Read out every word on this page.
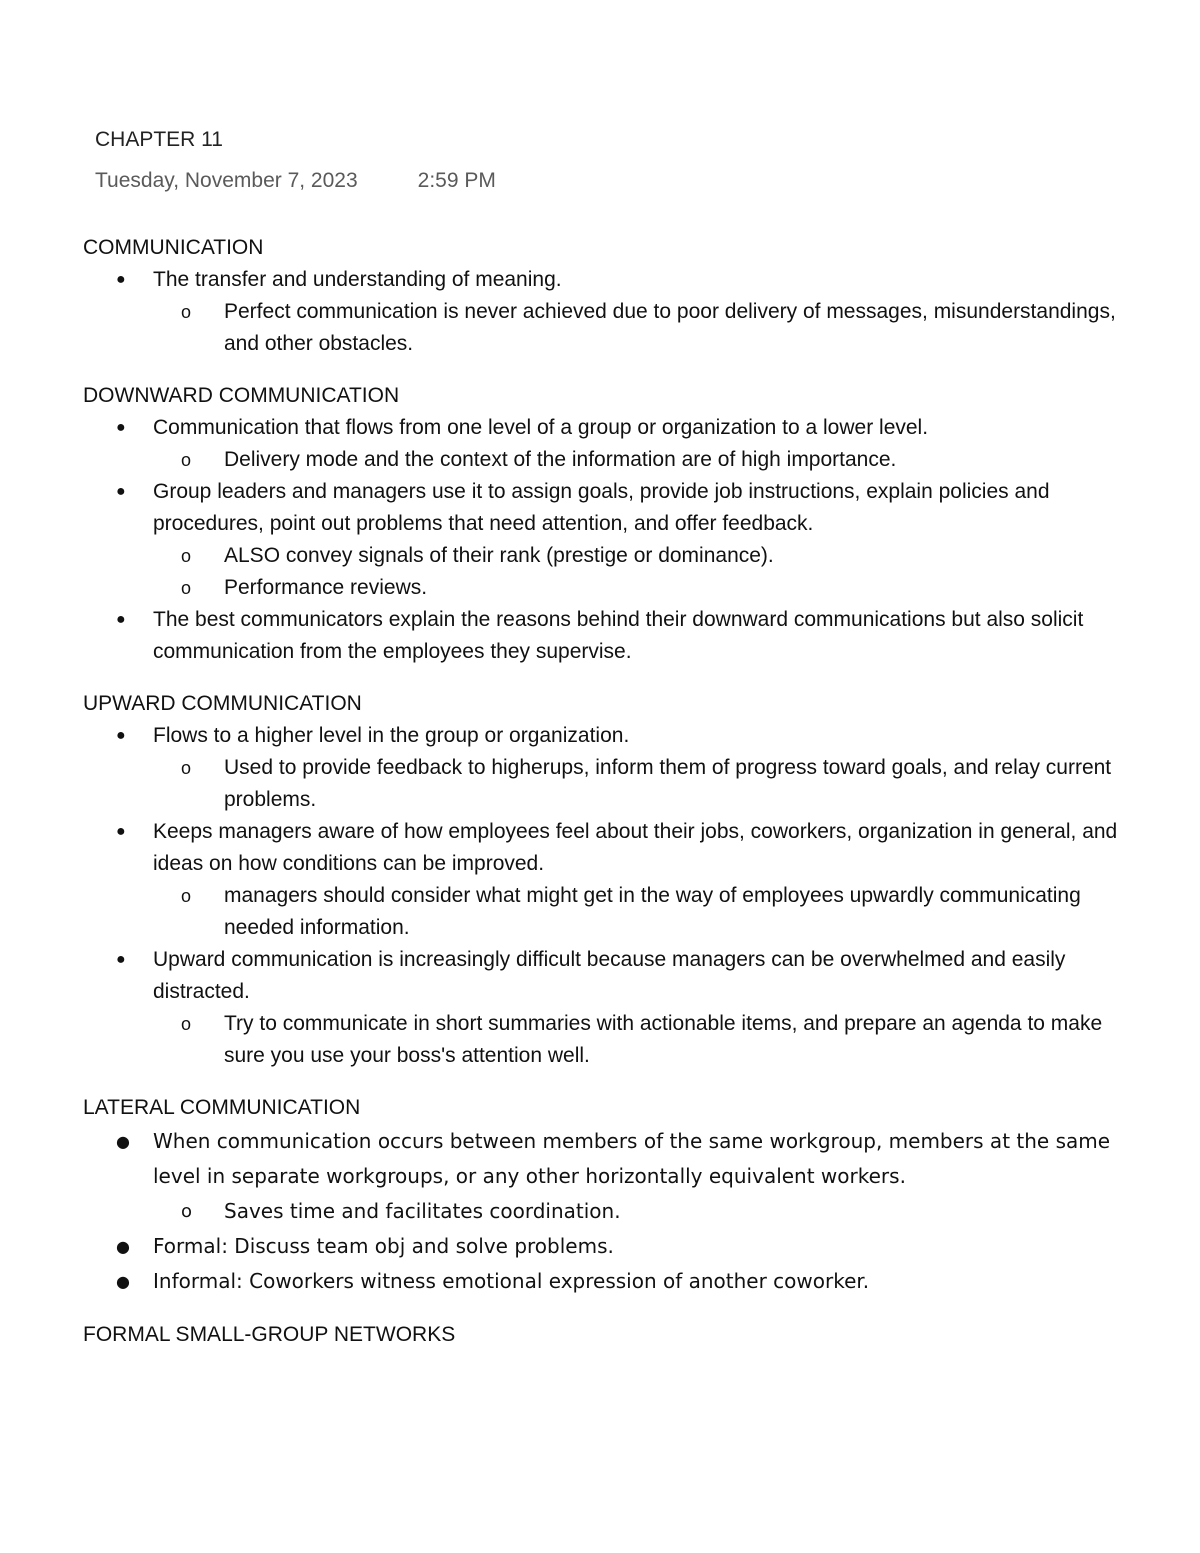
CHAPTER 11
Tuesday, November 7, 2023	2:59 PM
COMMUNICATION
● The transfer and understanding of meaning.
o Perfect communication is never achieved due to poor delivery of messages, misunderstandings, and other obstacles.
DOWNWARD COMMUNICATION
● Communication that flows from one level of a group or organization to a lower level.
o Delivery mode and the context of the information are of high importance.
● Group leaders and managers use it to assign goals, provide job instructions, explain policies and procedures, point out problems that need attention, and offer feedback.
o ALSO convey signals of their rank (prestige or dominance).
o Performance reviews.
● The best communicators explain the reasons behind their downward communications but also solicit communication from the employees they supervise.
UPWARD COMMUNICATION
● Flows to a higher level in the group or organization.
o Used to provide feedback to higherups, inform them of progress toward goals, and relay current problems.
● Keeps managers aware of how employees feel about their jobs, coworkers, organization in general, and ideas on how conditions can be improved.
o managers should consider what might get in the way of employees upwardly communicating needed information.
● Upward communication is increasingly difficult because managers can be overwhelmed and easily distracted.
o Try to communicate in short summaries with actionable items, and prepare an agenda to make sure you use your boss's attention well.
LATERAL COMMUNICATION
● When communication occurs between members of the same workgroup, members at the same level in separate workgroups, or any other horizontally equivalent workers.
o Saves time and facilitates coordination.
● Formal: Discuss team obj and solve problems.
● Informal: Coworkers witness emotional expression of another coworker.
FORMAL SMALL-GROUP NETWORKS
